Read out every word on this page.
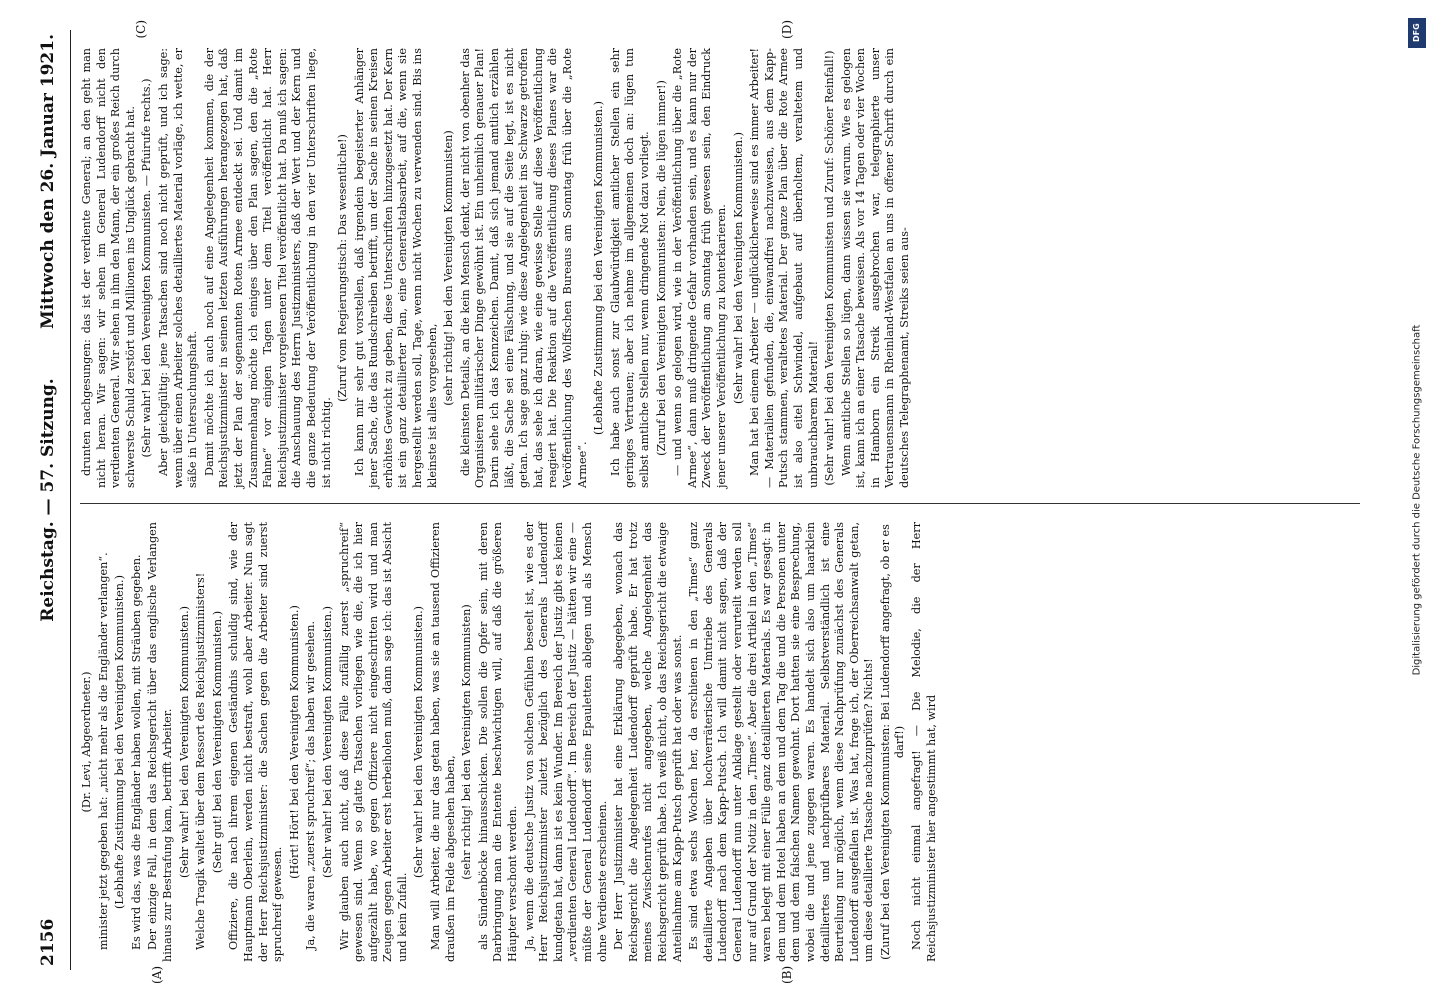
2156
Reichstag. — 57. Sitzung.
Mittwoch den 26. Januar 1921.
(A)	(B)

(Dr. Levi, Abgeordneter.) minister jetzt gegeben hat: „nicht mehr als die Engländer verlangen“. (Lebhafte Zustimmung bei den Vereinigten Kommunisten.) Es wird das, was die Engländer haben wollen, mit Sträuben gegeben. Der einzige Fall, in dem das Reichsgericht über das englische Verlangen hinaus zur Bestrafung kam, betrifft Arbeiter. (Sehr wahr! bei den Vereinigten Kommunisten.) Welche Tragik waltet über dem Ressort des Reichsjustizministers! (Sehr gut! bei den Vereinigten Kommunisten.) Offiziere, die nach ihrem eigenen Geständnis schuldig sind, wie der Hauptmann Oberlein, werden nicht bestraft, wohl aber Arbeiter. Nun sagt der Herr Reichsjustizminister: die Sachen gegen die Arbeiter sind zuerst spruchreif gewesen.

(Hört! Hört! bei den Vereinigten Kommunisten.) Ja, die waren „zuerst spruchreif“; das haben wir gesehen. (Sehr wahr! bei den Vereinigten Kommunisten.) Wir glauben auch nicht, daß diese Fälle zufällig zuerst „spruchreif“ gewesen sind. Wenn so glatte Tatsachen vorliegen wie die, die ich hier aufgezählt habe, wo gegen Offiziere nicht eingeschritten wird und man Zeugen gegen Arbeiter erst herbeiholen muß, dann sage ich: das ist Absicht und kein Zufall.

(Sehr wahr! bei den Vereinigten Kommunisten.) Man will Arbeiter, die nur das getan haben, was sie an tausend Offizieren draußen im Felde abgesehen haben, (sehr richtig! bei den Vereinigten Kommunisten) als Sündenböcke hinausschicken. Die sollen die Opfer sein, mit deren Darbringung man die Entente beschwichtigen will, auf daß die größeren Häupter verschont werden. Ja, wenn die deutsche Justiz von solchen Gefühlen beseelt ist, wie es der Herr Reichsjustizminister zuletzt bezüglich des Generals Ludendorff kundgetan hat, dann ist es kein Wunder. Im Bereich der Justiz gibt es keinen „verdienten General Ludendorff“. Im Bereich der Justiz — hätten wir eine — müßte der General Ludendorff seine Epauletten ablegen und als Mensch ohne Verdienste erscheinen. Der Herr Justizminister hat eine Erklärung abgegeben, wonach das Reichsgericht die Angelegenheit Ludendorff geprüft habe. Er hat trotz meines Zwischenrufes nicht angegeben, welche Angelegenheit das Reichsgericht geprüft habe. Ich weiß nicht, ob das Reichsgericht die etwaige Anteilnahme am Kapp-Putsch geprüft hat oder was sonst. Es sind etwa sechs Wochen her, da erschienen in den „Times“ ganz detaillierte Angaben über hochverräterische Umtriebe des Generals Ludendorff nach dem Kapp-Putsch. Ich will damit nicht sagen, daß der General Ludendorff nun unter Anklage gestellt oder verurteilt werden soll nur auf Grund der Notiz in den „Times“. Aber die drei Artikel in den „Times“ waren belegt mit einer Fülle ganz detaillierten Materials. Es war gesagt: in dem und dem Hotel haben an dem und dem Tag die und die Personen unter dem und dem falschen Namen gewohnt. Dort hatten sie eine Besprechung, wobei die und jene zugegen waren. Es handelt sich also um haarklein detailliertes und nachprüfbares Material. Selbstverständlich ist eine Beurteilung nur möglich, wenn diese Nachprüfung zunächst des Generals Ludendorff ausgefallen ist. Was hat, frage ich, der Oberreichsanwalt getan, um diese detaillierte Tatsache nachzuprüfen? Nichts! (Zuruf bei den Vereinigten Kommunisten: Bei Ludendorff angefragt, ob er es darf!) Noch nicht einmal angefragt! — Die Melodie, die der Herr Reichsjustizminister hier angestimmt hat, wird

(C)	(D)

drunten nachgesungen: das ist der verdiente General; an den geht man nicht heran. Wir sagen: wir sehen im General Ludendorff nicht den verdienten General. Wir sehen in ihm den Mann, der ein großes Reich durch schwerste Schuld zerstört und Millionen ins Unglück gebracht hat. (Sehr wahr! bei den Vereinigten Kommunisten. — Pfuirufe rechts.) Aber gleichgültig: jene Tatsachen sind noch nicht geprüft, und ich sage: wenn über einen Arbeiter solches detailliertes Material vorläge, ich wette, er säße in Untersuchungshaft. Damit möchte ich auch noch auf eine Angelegenheit kommen, die der Reichsjustizminister in seinen letzten Ausführungen herangezogen hat, daß jetzt der Plan der sogenannten Roten Armee entdeckt sei. Und damit im Zusammenhang möchte ich einiges über den Plan sagen, den die „Rote Fahne“ vor einigen Tagen unter dem Titel veröffentlicht hat. Herr Reichsjustizminister vorgelesenen Titel veröffentlicht hat. Da muß ich sagen: die Anschauung des Herrn Justizministers, daß der Wert und der Kern und die ganze Bedeutung der Veröffentlichung in den vier Unterschriften liege, ist nicht richtig.

(Zuruf vom Regierungstisch: Das wesentliche!) Ich kann mir sehr gut vorstellen, daß irgendein begeisterter Anhänger jener Sache, die das Rundschreiben betrifft, um der Sache in seinen Kreisen erhöhtes Gewicht zu geben, diese Unterschriften hinzugesetzt hat. Der Kern ist ein ganz detaillierter Plan, eine Generalstabsarbeit, auf die, wenn sie hergestellt werden soll, Tage, wenn nicht Wochen zu verwenden sind. Bis ins kleinste ist alles vorgesehen,

(sehr richtig! bei den Vereinigten Kommunisten) die kleinsten Details, an die kein Mensch denkt, der nicht von obenher das Organisieren militärischer Dinge gewöhnt ist. Ein unheimlich genauer Plan! Darin sehe ich das Kennzeichen. Damit, daß sich jemand amtlich erzählen läßt, die Sache sei eine Fälschung, und sie auf die Seite legt, ist es nicht getan. Ich sage ganz ruhig: wie diese Angelegenheit ins Schwarze getroffen hat, das sehe ich daran, wie eine gewisse Stelle auf diese Veröffentlichung reagiert hat. Die Reaktion auf die Veröffentlichung dieses Planes war die Veröffentlichung des Wolffschen Bureaus am Sonntag früh über die „Rote Armee“.

(Lebhafte Zustimmung bei den Vereinigten Kommunisten.) Ich habe auch sonst zur Glaubwürdigkeit amtlicher Stellen ein sehr geringes Vertrauen; aber ich nehme im allgemeinen doch an: lügen tun selbst amtliche Stellen nur, wenn dringende Not dazu vorliegt. (Zuruf bei den Vereinigten Kommunisten: Nein, die lügen immer!) — und wenn so gelogen wird, wie in der Veröffentlichung über die „Rote Armee“, dann muß dringende Gefahr vorhanden sein, und es kann nur der Zweck der Veröffentlichung am Sonntag früh gewesen sein, den Eindruck jener unserer Veröffentlichung zu konterkarieren. (Sehr wahr! bei den Vereinigten Kommunisten.) Man hat bei einem Arbeiter — unglücklicherweise sind es immer Arbeiter! — Materialien gefunden, die, einwandfrei nachzuweisen, aus dem Kapp-Putsch stammen, veraltetes Material. Der ganze Plan über die Rote Armee ist also eitel Schwindel, aufgebaut auf überholtem, veraltetem und unbrauchbarem Material! (Sehr wahr! bei den Vereinigten Kommunisten und Zuruf: Schöner Reinfall!) Wenn amtliche Stellen so lügen, dann wissen sie warum. Wie es gelogen ist, kann ich an einer Tatsache beweisen. Als vor 14 Tagen oder vier Wochen in Hamborn ein Streik ausgebrochen war, telegraphierte unser Vertrauensmann in Rheinland-Westfalen an uns in offener Schrift durch ein deutsches Telegraphenamt, Streiks seien aus-	Digitalisierung gefördert durch die Deutsche Forschungsgemeinschaft
DFG
